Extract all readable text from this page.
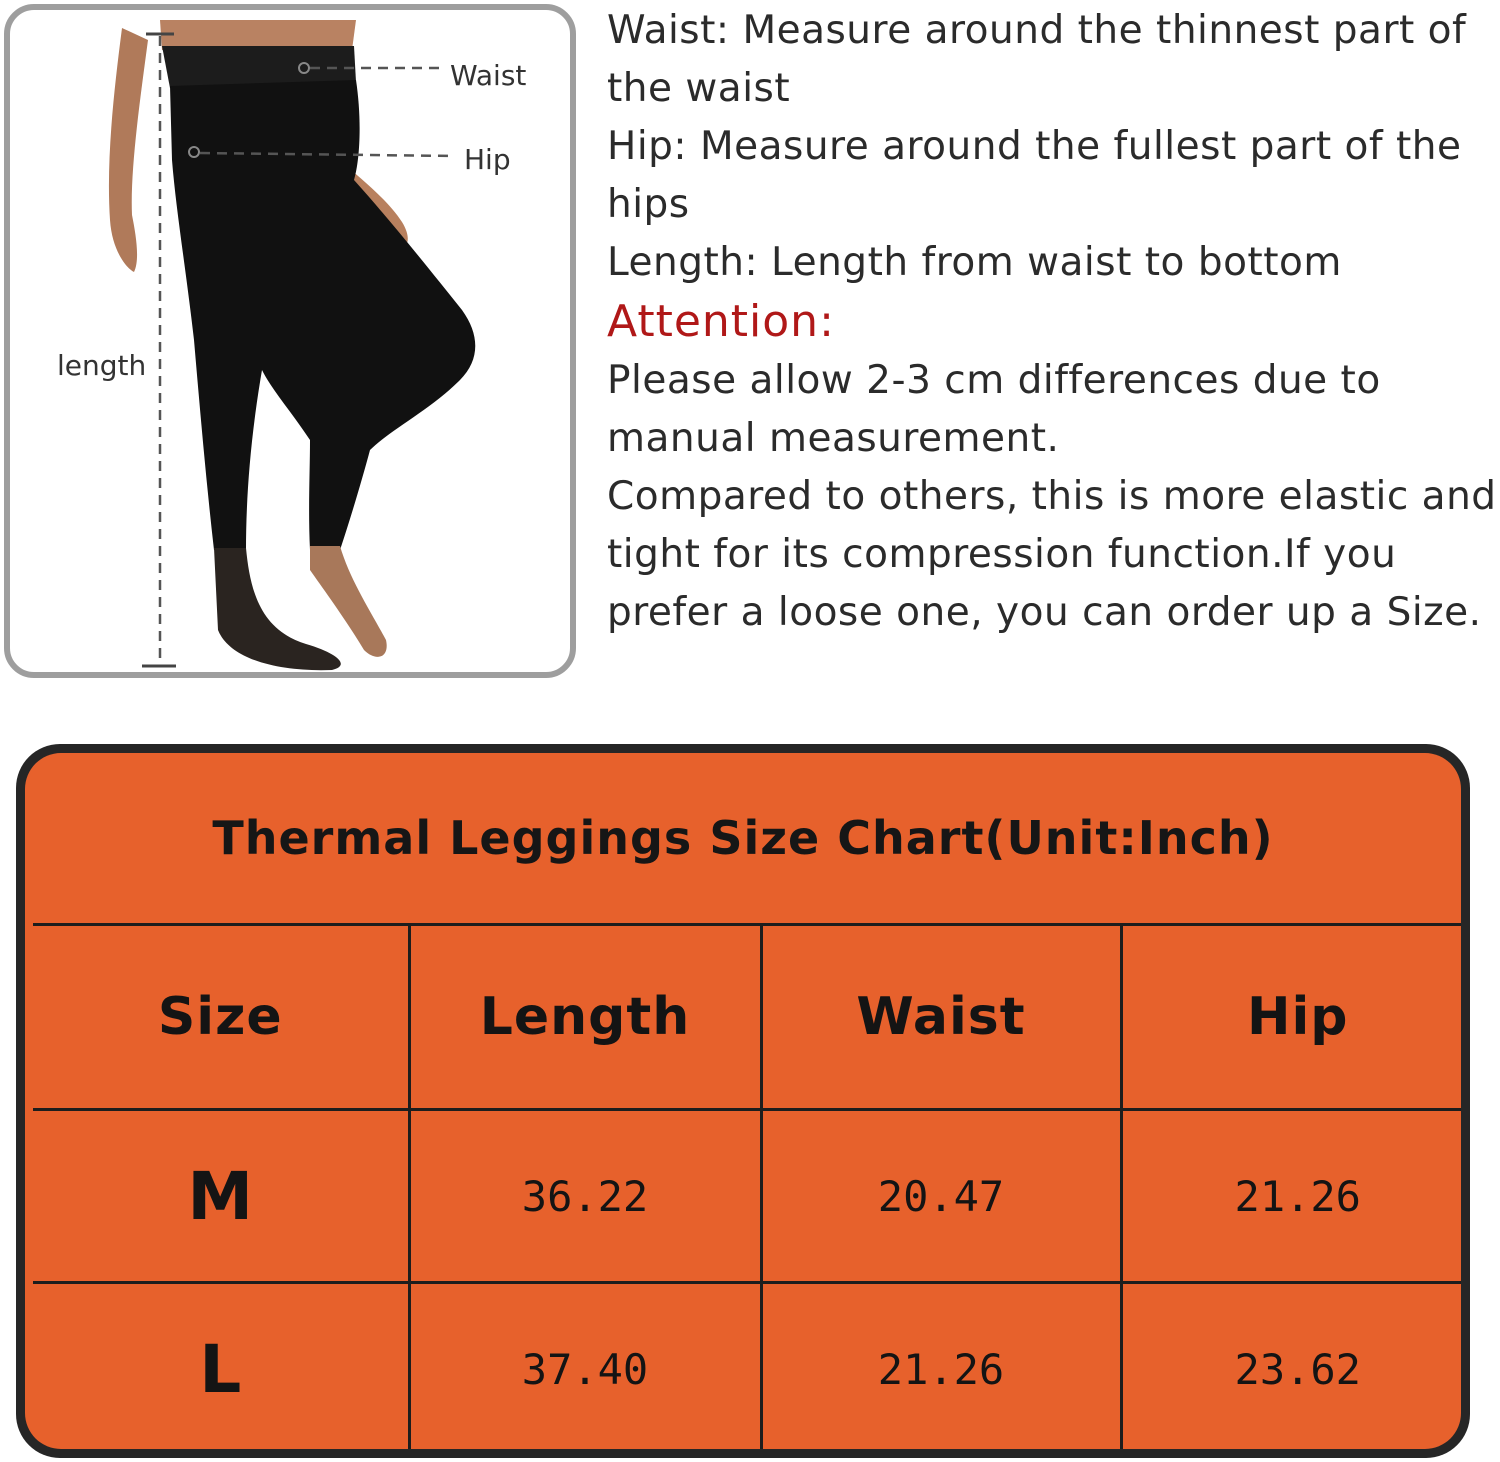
Waist
Hip
length

Waist: Measure around the thinnest part of the waist

Hip: Measure around the fullest part of the hips

Length: Length from waist to bottom

Attention:

Please allow 2-3 cm differences due to manual measurement.

Compared to others, this is more elastic and tight for its compression function.If you prefer a loose one, you can order up a Size.

Thermal Leggings Size Chart(Unit:Inch)
Size	Length	Waist	Hip
M	36.22	20.47	21.26
L	37.40	21.26	23.62
